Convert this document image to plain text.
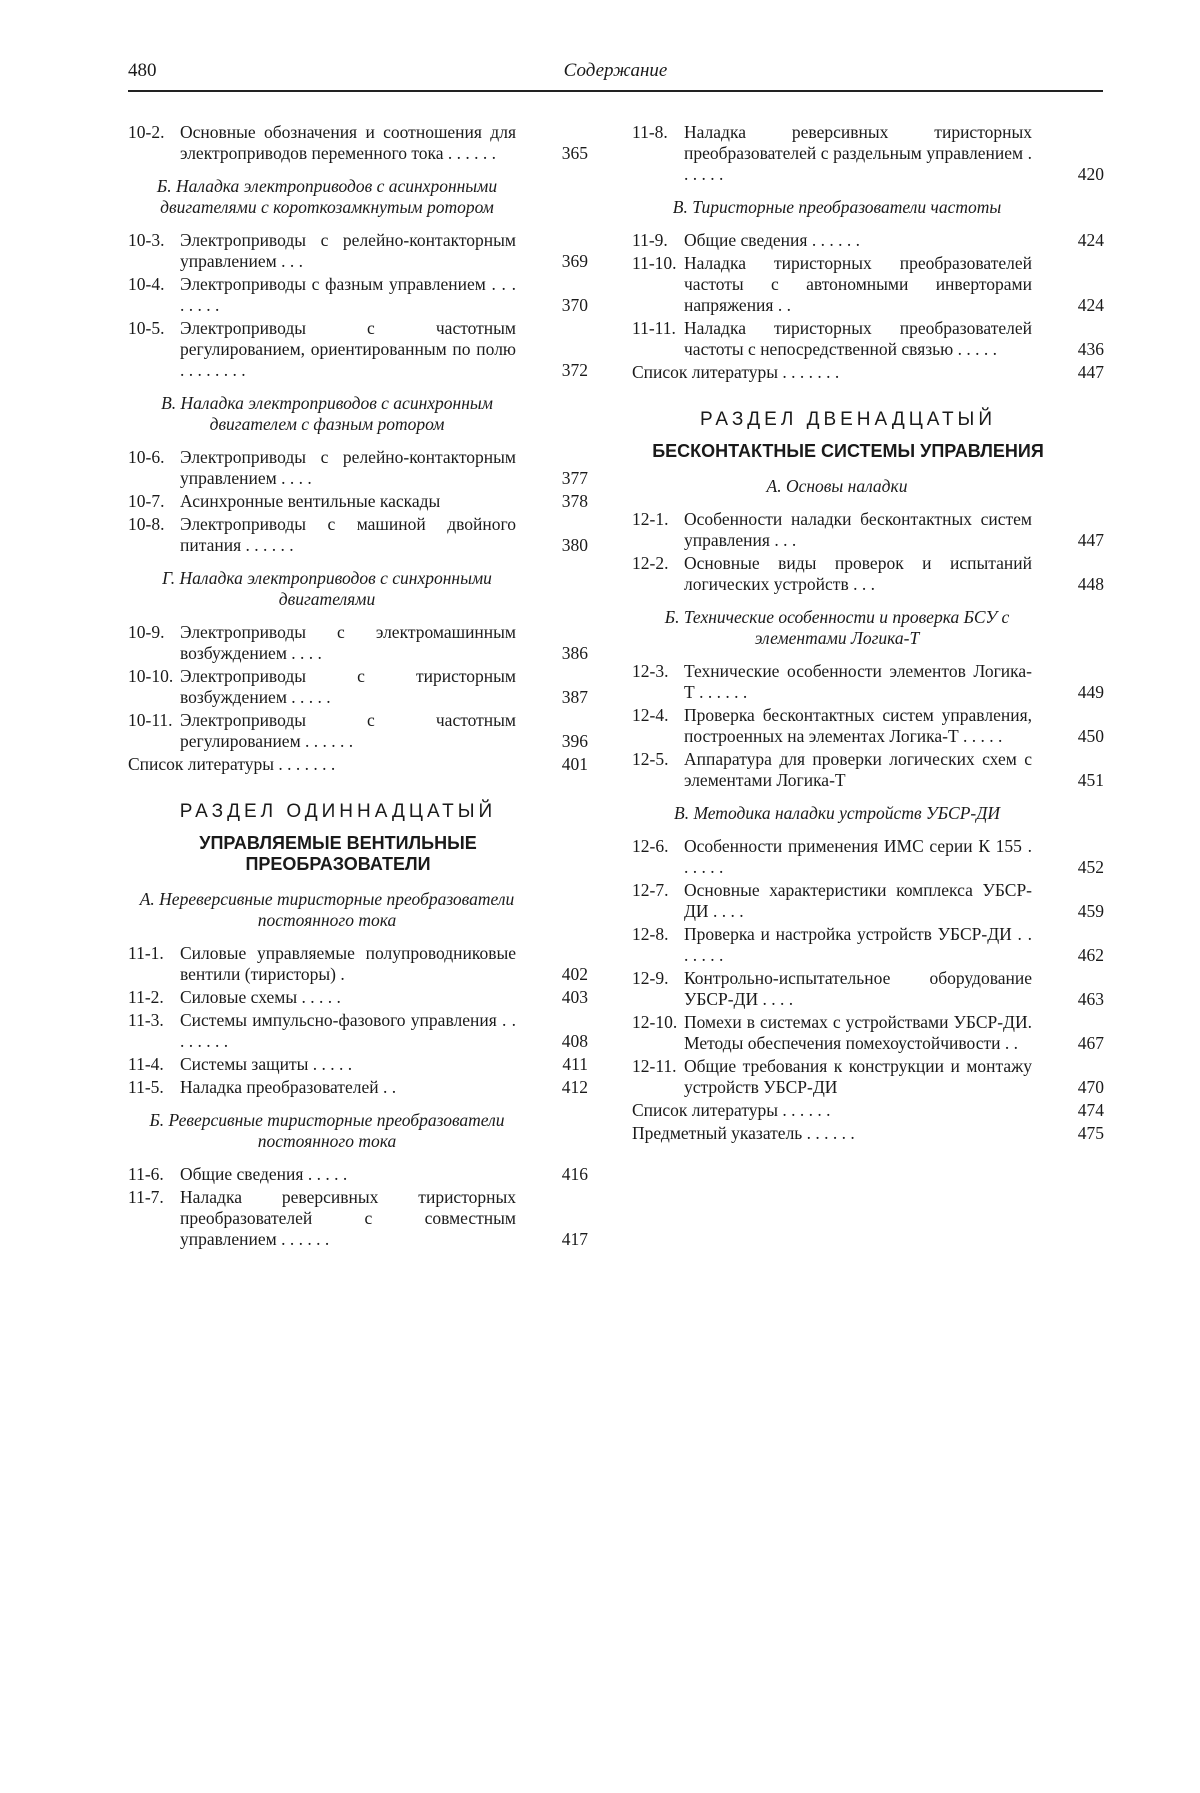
480	Содержание
10-2. Основные обозначения и соотношения для электроприводов переменного тока . . . . . .	365
Б. Наладка электроприводов с асинхронными двигателями с короткозамкнутым ротором
10-3. Электроприводы с релейно-контакторным управлением . . .	369
10-4. Электроприводы с фазным управлением . . . . . . . .	370
10-5. Электроприводы с частотным регулированием, ориентированным по полю . . . . . . . .	372
В. Наладка электроприводов с асинхронным двигателем с фазным ротором
10-6. Электроприводы с релейно-контакторным управлением . . . .	377
10-7. Асинхронные вентильные каскады	378
10-8. Электроприводы с машиной двойного питания . . . . . .	380
Г. Наладка электроприводов с синхронными двигателями
10-9. Электроприводы с электромашинным возбуждением . . . .	386
10-10. Электроприводы с тиристорным возбуждением . . . . .	387
10-11. Электроприводы с частотным регулированием . . . . . .	396
Список литературы . . . . . . .	401
РАЗДЕЛ ОДИННАДЦАТЫЙ
УПРАВЛЯЕМЫЕ ВЕНТИЛЬНЫЕ ПРЕОБРАЗОВАТЕЛИ
А. Нереверсивные тиристорные преобразователи постоянного тока
11-1. Силовые управляемые полупроводниковые вентили (тиристоры) .	402
11-2. Силовые схемы . . . . .	403
11-3. Системы импульсно-фазового управления . . . . . . . .	408
11-4. Системы защиты . . . . .	411
11-5. Наладка преобразователей . .	412
Б. Реверсивные тиристорные преобразователи постоянного тока
11-6. Общие сведения . . . . .	416
11-7. Наладка реверсивных тиристорных преобразователей с совместным управлением . . . . . .	417
11-8. Наладка реверсивных тиристорных преобразователей с раздельным управлением . . . . . .	420
В. Тиристорные преобразователи частоты
11-9. Общие сведения . . . . . .	424
11-10. Наладка тиристорных преобразователей частоты с автономными инверторами напряжения . .	424
11-11. Наладка тиристорных преобразователей частоты с непосредственной связью . . . . .	436
Список литературы . . . . . . .	447
РАЗДЕЛ ДВЕНАДЦАТЫЙ
БЕСКОНТАКТНЫЕ СИСТЕМЫ УПРАВЛЕНИЯ
А. Основы наладки
12-1. Особенности наладки бесконтактных систем управления . . .	447
12-2. Основные виды проверок и испытаний логических устройств . . .	448
Б. Технические особенности и проверка БСУ с элементами Логика-Т
12-3. Технические особенности элементов Логика-Т . . . . . .	449
12-4. Проверка бесконтактных систем управления, построенных на элементах Логика-Т . . . . .	450
12-5. Аппаратура для проверки логических схем с элементами Логика-Т	451
В. Методика наладки устройств УБСР-ДИ
12-6. Особенности применения ИМС серии К 155 . . . . . .	452
12-7. Основные характеристики комплекса УБСР-ДИ . . . .	459
12-8. Проверка и настройка устройств УБСР-ДИ . . . . . . .	462
12-9. Контрольно-испытательное оборудование УБСР-ДИ . . . .	463
12-10. Помехи в системах с устройствами УБСР-ДИ. Методы обеспечения помехоустойчивости . .	467
12-11. Общие требования к конструкции и монтажу устройств УБСР-ДИ	470
Список литературы . . . . . .	474
Предметный указатель . . . . . .	475
